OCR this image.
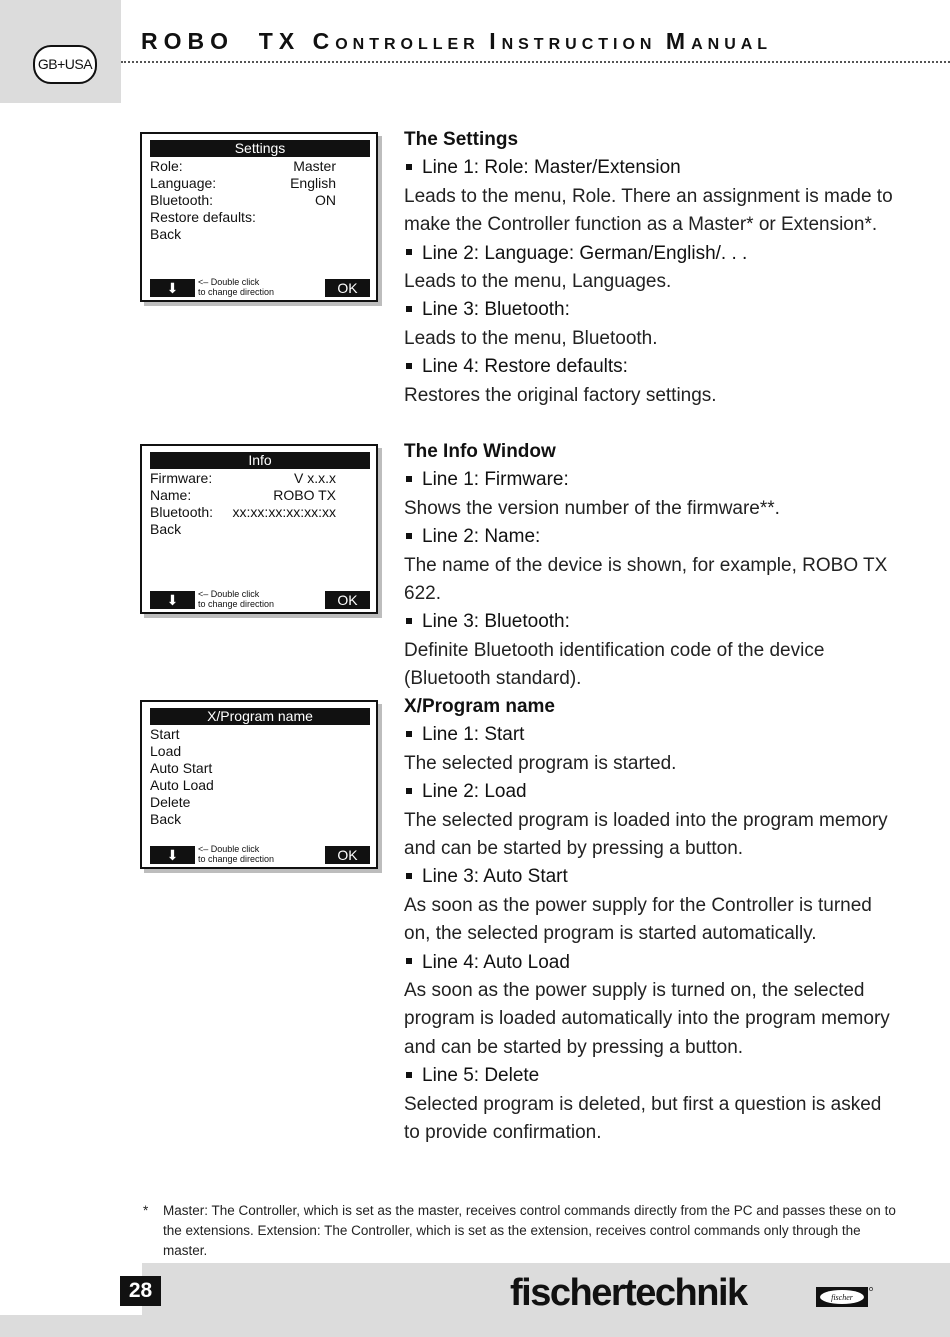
GB+USA
ROBO  TX CONTROLLER INSTRUCTION MANUAL
Settings
Role:	Master
Language:	English
Bluetooth:	ON
Restore defaults:
Back
⬇	<– Double click
to change direction	OK
Info
Firmware:	V x.x.x
Name:	ROBO TX
Bluetooth: xx:xx:xx:xx:xx:xx
Back
⬇	<– Double click
to change direction	OK
X/Program name
Start
Load
Auto Start
Auto Load
Delete
Back
⬇	<– Double click
to change direction	OK
The Settings
Line 1: Role: Master/Extension
Leads to the menu, Role. There an assignment is made to make the Controller function as a Master* or Extension*.
Line 2: Language: German/English/. . .
Leads to the menu, Languages.
Line 3: Bluetooth:
Leads to the menu, Bluetooth.
Line 4: Restore defaults:
Restores the original factory settings.
The Info Window
Line 1: Firmware:
Shows the version number of the firmware**.
Line 2: Name:
The name of the device is shown, for example, ROBO TX 622.
Line 3: Bluetooth:
Definite Bluetooth identification code of the device (Bluetooth standard).
X/Program name
Line 1: Start
The selected program is started.
Line 2: Load
The selected program is loaded into the program memory and can be started by pressing a button.
Line 3: Auto Start
As soon as the power supply for the Controller is turned on, the selected program is started automatically.
Line 4: Auto Load
As soon as the power supply is turned on, the selected program is loaded automatically into the program memory and can be started by pressing a button.
Line 5: Delete
Selected program is deleted, but first a question is asked to provide confirmation.
*	Master: The Controller, which is set as the master, receives control commands directly from the PC and passes these on to the extensions. Extension: The Controller, which is set as the extension, receives control commands only through the master.
28	fischertechnik	fischer
